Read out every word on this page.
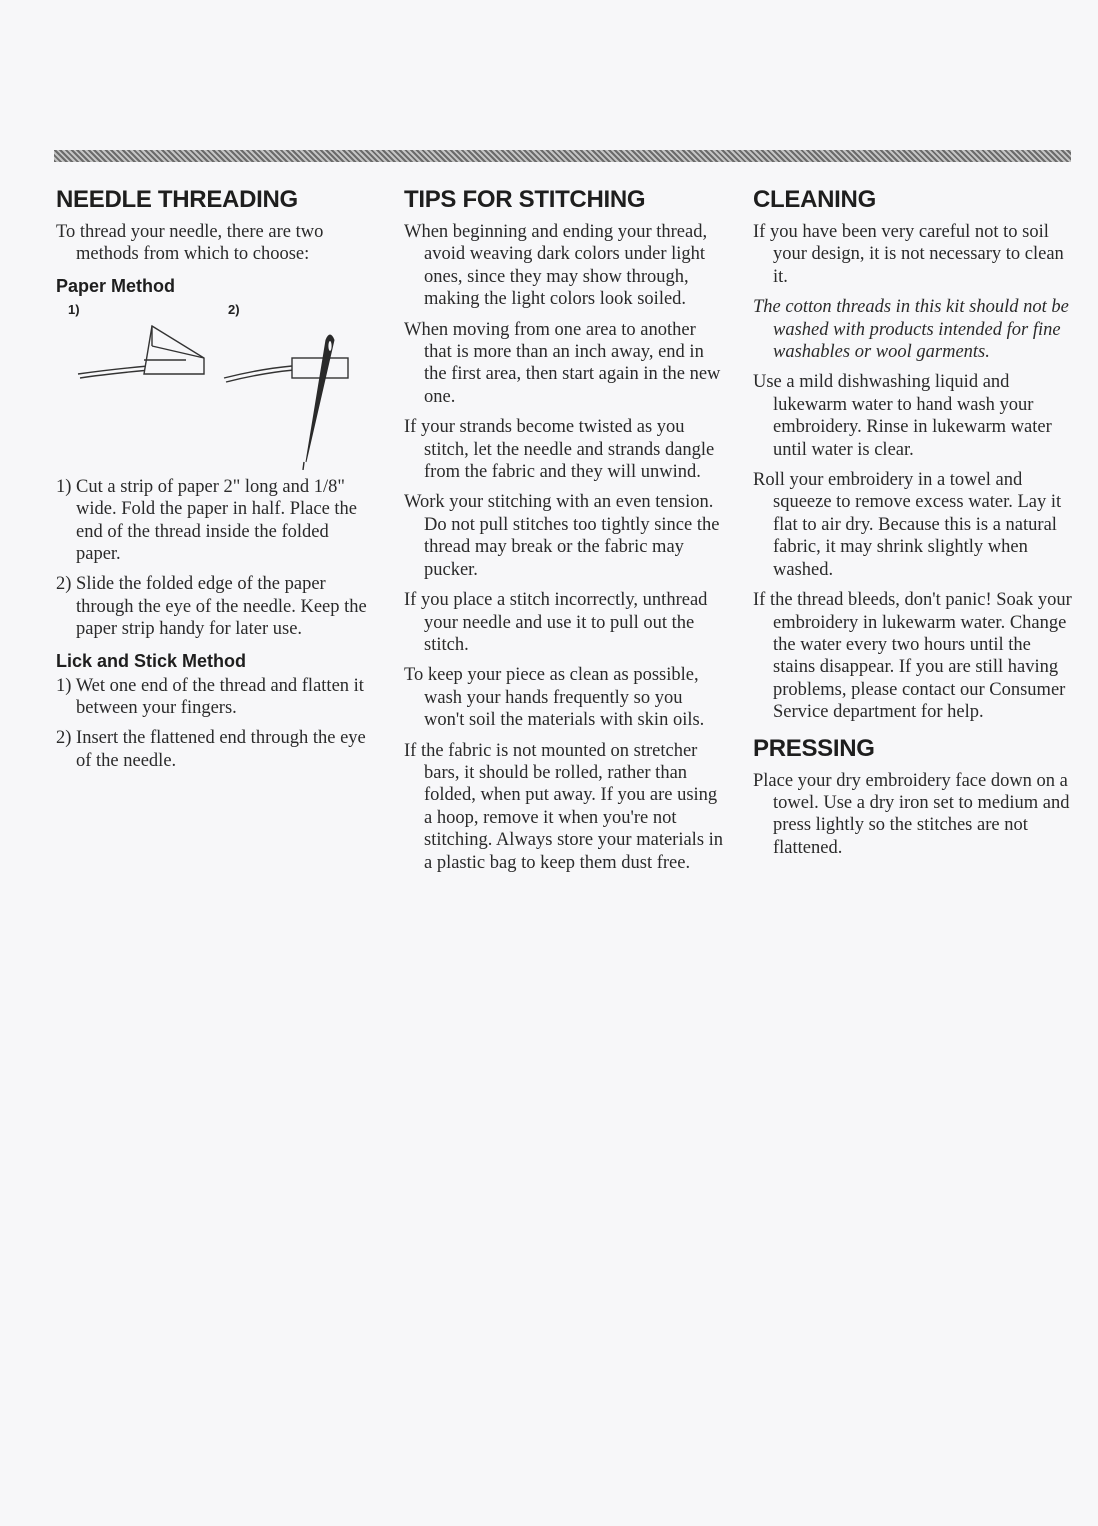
NEEDLE THREADING

To thread your needle, there are two methods from which to choose:

Paper Method
1)	2)

1) Cut a strip of paper 2" long and 1/8" wide. Fold the paper in half. Place the end of the thread inside the folded paper.

2) Slide the folded edge of the paper through the eye of the needle. Keep the paper strip handy for later use.

Lick and Stick Method

1) Wet one end of the thread and flatten it between your fingers.

2) Insert the flattened end through the eye of the needle.

TIPS FOR STITCHING

When beginning and ending your thread, avoid weaving dark colors under light ones, since they may show through, making the light colors look soiled.

When moving from one area to another that is more than an inch away, end in the first area, then start again in the new one.

If your strands become twisted as you stitch, let the needle and strands dangle from the fabric and they will unwind.

Work your stitching with an even tension. Do not pull stitches too tightly since the thread may break or the fabric may pucker.

If you place a stitch incorrectly, unthread your needle and use it to pull out the stitch.

To keep your piece as clean as possible, wash your hands frequently so you won't soil the materials with skin oils.

If the fabric is not mounted on stretcher bars, it should be rolled, rather than folded, when put away. If you are using a hoop, remove it when you're not stitching. Always store your materials in a plastic bag to keep them dust free.

CLEANING

If you have been very careful not to soil your design, it is not necessary to clean it.

The cotton threads in this kit should not be washed with products intended for fine washables or wool garments.

Use a mild dishwashing liquid and lukewarm water to hand wash your embroidery. Rinse in lukewarm water until water is clear.

Roll your embroidery in a towel and squeeze to remove excess water. Lay it flat to air dry. Because this is a natural fabric, it may shrink slightly when washed.

If the thread bleeds, don't panic! Soak your embroidery in lukewarm water. Change the water every two hours until the stains disappear. If you are still having problems, please contact our Consumer Service department for help.

PRESSING

Place your dry embroidery face down on a towel. Use a dry iron set to medium and press lightly so the stitches are not flattened.
